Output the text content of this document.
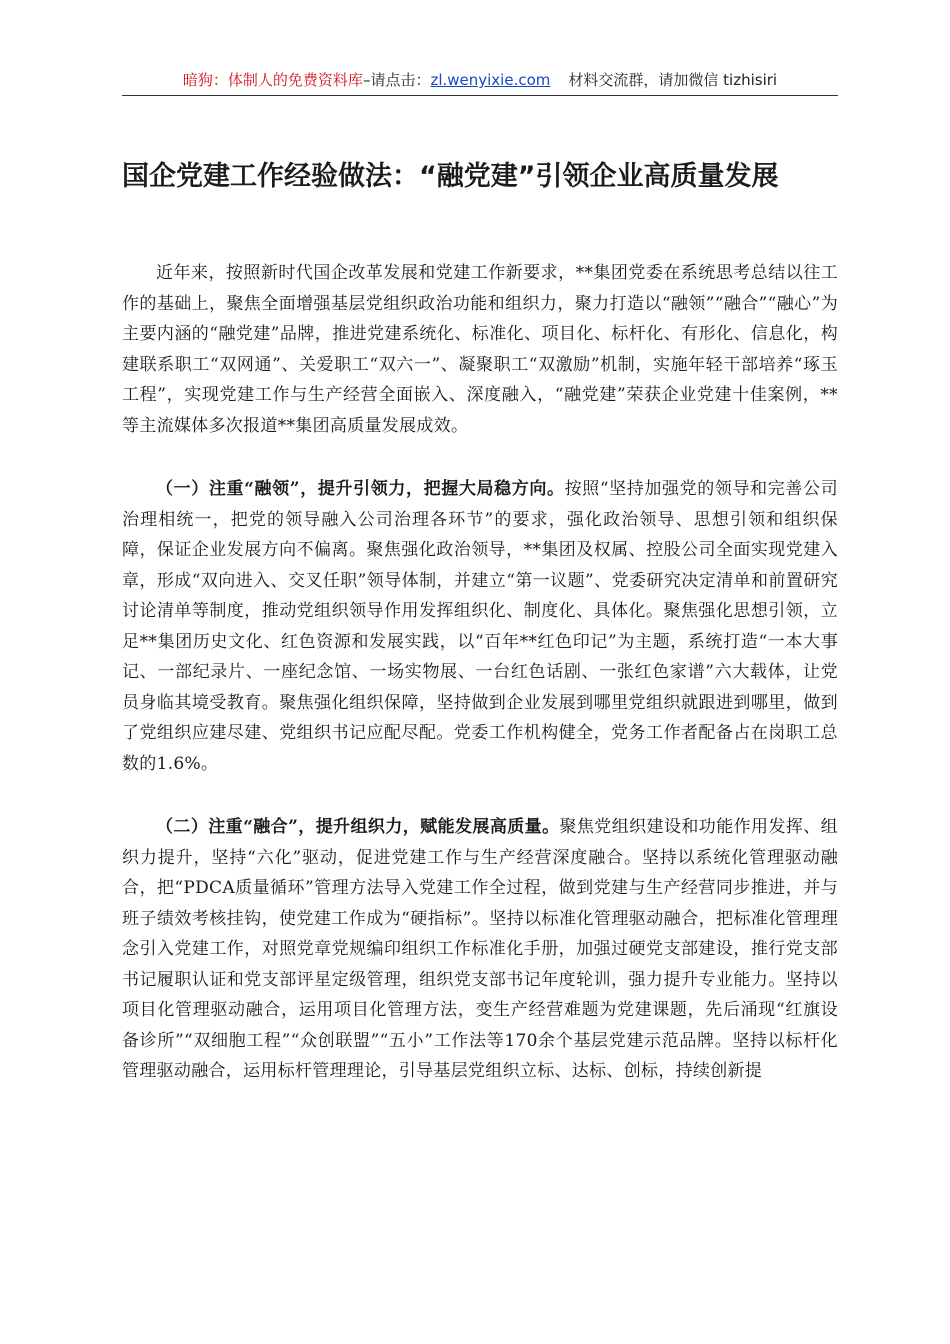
暗狗：体制人的免费资料库–请点击：zl.wenyixie.com 材料交流群，请加微信 tizhisiri
国企党建工作经验做法：“融党建”引领企业高质量发展

近年来，按照新时代国企改革发展和党建工作新要求，**集团党委在系统思考总结以往工作的基础上，聚焦全面增强基层党组织政治功能和组织力，聚力打造以“融领”“融合”“融心”为主要内涵的“融党建”品牌，推进党建系统化、标准化、项目化、标杆化、有形化、信息化，构建联系职工“双网通”、关爱职工“双六一”、凝聚职工“双激励”机制，实施年轻干部培养“琢玉工程”，实现党建工作与生产经营全面嵌入、深度融入，“融党建”荣获企业党建十佳案例，**等主流媒体多次报道**集团高质量发展成效。

（一）注重“融领”，提升引领力，把握大局稳方向。按照“坚持加强党的领导和完善公司治理相统一，把党的领导融入公司治理各环节”的要求，强化政治领导、思想引领和组织保障，保证企业发展方向不偏离。聚焦强化政治领导，**集团及权属、控股公司全面实现党建入章，形成“双向进入、交叉任职”领导体制，并建立“第一议题”、党委研究决定清单和前置研究讨论清单等制度，推动党组织领导作用发挥组织化、制度化、具体化。聚焦强化思想引领，立足**集团历史文化、红色资源和发展实践，以“百年**红色印记”为主题，系统打造“一本大事记、一部纪录片、一座纪念馆、一场实物展、一台红色话剧、一张红色家谱”六大载体，让党员身临其境受教育。聚焦强化组织保障，坚持做到企业发展到哪里党组织就跟进到哪里，做到了党组织应建尽建、党组织书记应配尽配。党委工作机构健全，党务工作者配备占在岗职工总数的1.6%。

（二）注重“融合”，提升组织力，赋能发展高质量。聚焦党组织建设和功能作用发挥、组织力提升，坚持“六化”驱动，促进党建工作与生产经营深度融合。坚持以系统化管理驱动融合，把“PDCA质量循环”管理方法导入党建工作全过程，做到党建与生产经营同步推进，并与班子绩效考核挂钩，使党建工作成为“硬指标”。坚持以标准化管理驱动融合，把标准化管理理念引入党建工作，对照党章党规编印组织工作标准化手册，加强过硬党支部建设，推行党支部书记履职认证和党支部评星定级管理，组织党支部书记年度轮训，强力提升专业能力。坚持以项目化管理驱动融合，运用项目化管理方法，变生产经营难题为党建课题，先后涌现“红旗设备诊所”“双细胞工程”“众创联盟”“五小”工作法等170余个基层党建示范品牌。坚持以标杆化管理驱动融合，运用标杆管理理论，引导基层党组织立标、达标、创标，持续创新提
